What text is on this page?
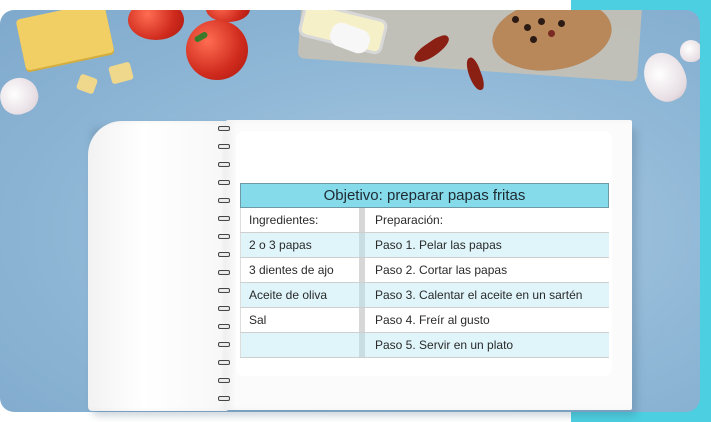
Objetivo: preparar papas fritas		
Ingredientes:		Preparación:
2 o 3 papas		Paso 1. Pelar las papas
3 dientes de ajo		Paso 2. Cortar las papas
Aceite de oliva		Paso 3. Calentar el aceite en un sartén
Sal		Paso 4. Freír al gusto
		Paso 5. Servir en un plato
